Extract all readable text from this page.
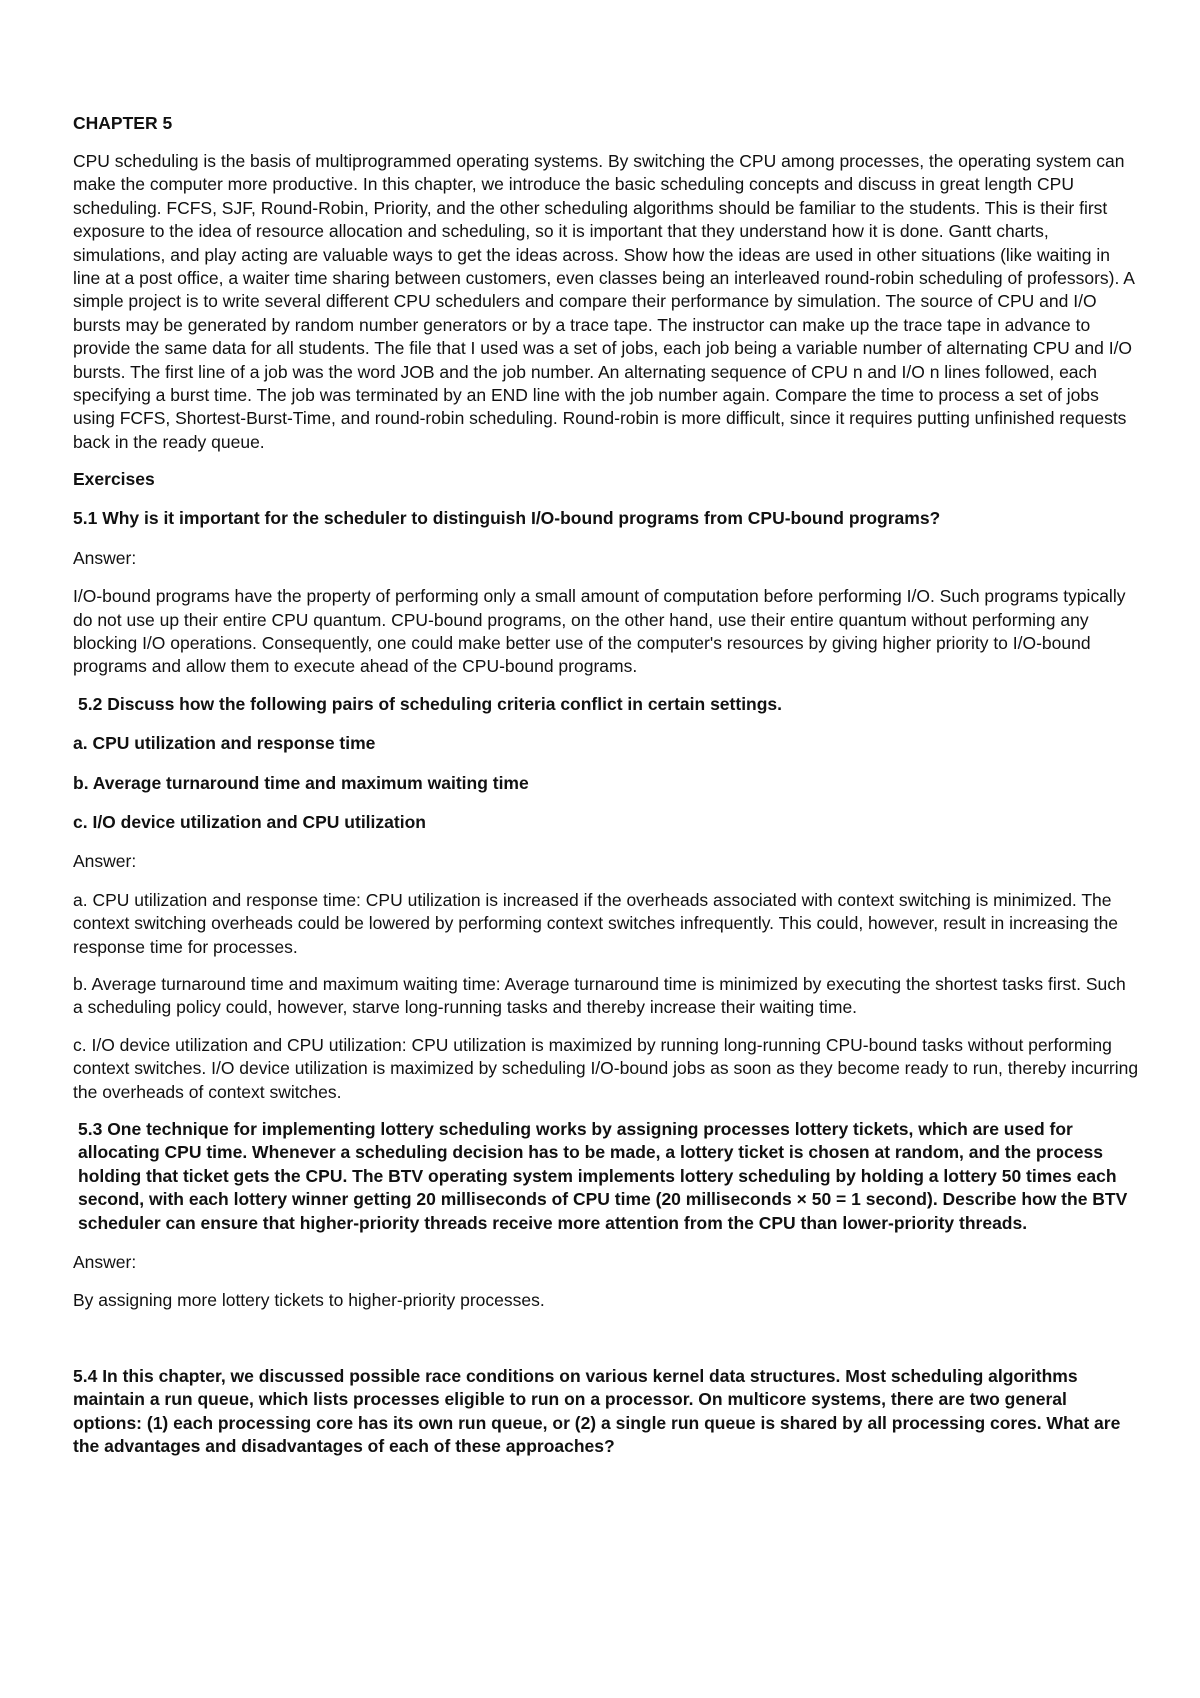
CHAPTER 5

CPU scheduling is the basis of multiprogrammed operating systems. By switching the CPU among processes, the operating system can make the computer more productive. In this chapter, we introduce the basic scheduling concepts and discuss in great length CPU scheduling. FCFS, SJF, Round-Robin, Priority, and the other scheduling algorithms should be familiar to the students. This is their first exposure to the idea of resource allocation and scheduling, so it is important that they understand how it is done. Gantt charts, simulations, and play acting are valuable ways to get the ideas across. Show how the ideas are used in other situations (like waiting in line at a post office, a waiter time sharing between customers, even classes being an interleaved round-robin scheduling of professors). A simple project is to write several different CPU schedulers and compare their performance by simulation. The source of CPU and I/O bursts may be generated by random number generators or by a trace tape. The instructor can make up the trace tape in advance to provide the same data for all students. The file that I used was a set of jobs, each job being a variable number of alternating CPU and I/O bursts. The first line of a job was the word JOB and the job number. An alternating sequence of CPU n and I/O n lines followed, each specifying a burst time. The job was terminated by an END line with the job number again. Compare the time to process a set of jobs using FCFS, Shortest-Burst-Time, and round-robin scheduling. Round-robin is more difficult, since it requires putting unfinished requests back in the ready queue.

Exercises

5.1 Why is it important for the scheduler to distinguish I/O-bound programs from CPU-bound programs?

Answer:

I/O-bound programs have the property of performing only a small amount of computation before performing I/O. Such programs typically do not use up their entire CPU quantum. CPU-bound programs, on the other hand, use their entire quantum without performing any blocking I/O operations. Consequently, one could make better use of the computer's resources by giving higher priority to I/O-bound programs and allow them to execute ahead of the CPU-bound programs.

5.2 Discuss how the following pairs of scheduling criteria conflict in certain settings.

a. CPU utilization and response time

b. Average turnaround time and maximum waiting time

c. I/O device utilization and CPU utilization

Answer:

a. CPU utilization and response time: CPU utilization is increased if the overheads associated with context switching is minimized. The context switching overheads could be lowered by performing context switches infrequently. This could, however, result in increasing the response time for processes.

b. Average turnaround time and maximum waiting time: Average turnaround time is minimized by executing the shortest tasks first. Such a scheduling policy could, however, starve long-running tasks and thereby increase their waiting time.

c. I/O device utilization and CPU utilization: CPU utilization is maximized by running long-running CPU-bound tasks without performing context switches. I/O device utilization is maximized by scheduling I/O-bound jobs as soon as they become ready to run, thereby incurring the overheads of context switches.

5.3 One technique for implementing lottery scheduling works by assigning processes lottery tickets, which are used for allocating CPU time. Whenever a scheduling decision has to be made, a lottery ticket is chosen at random, and the process holding that ticket gets the CPU. The BTV operating system implements lottery scheduling by holding a lottery 50 times each second, with each lottery winner getting 20 milliseconds of CPU time (20 milliseconds × 50 = 1 second). Describe how the BTV scheduler can ensure that higher-priority threads receive more attention from the CPU than lower-priority threads.

Answer:

By assigning more lottery tickets to higher-priority processes.

5.4 In this chapter, we discussed possible race conditions on various kernel data structures. Most scheduling algorithms maintain a run queue, which lists processes eligible to run on a processor. On multicore systems, there are two general options: (1) each processing core has its own run queue, or (2) a single run queue is shared by all processing cores. What are the advantages and disadvantages of each of these approaches?
